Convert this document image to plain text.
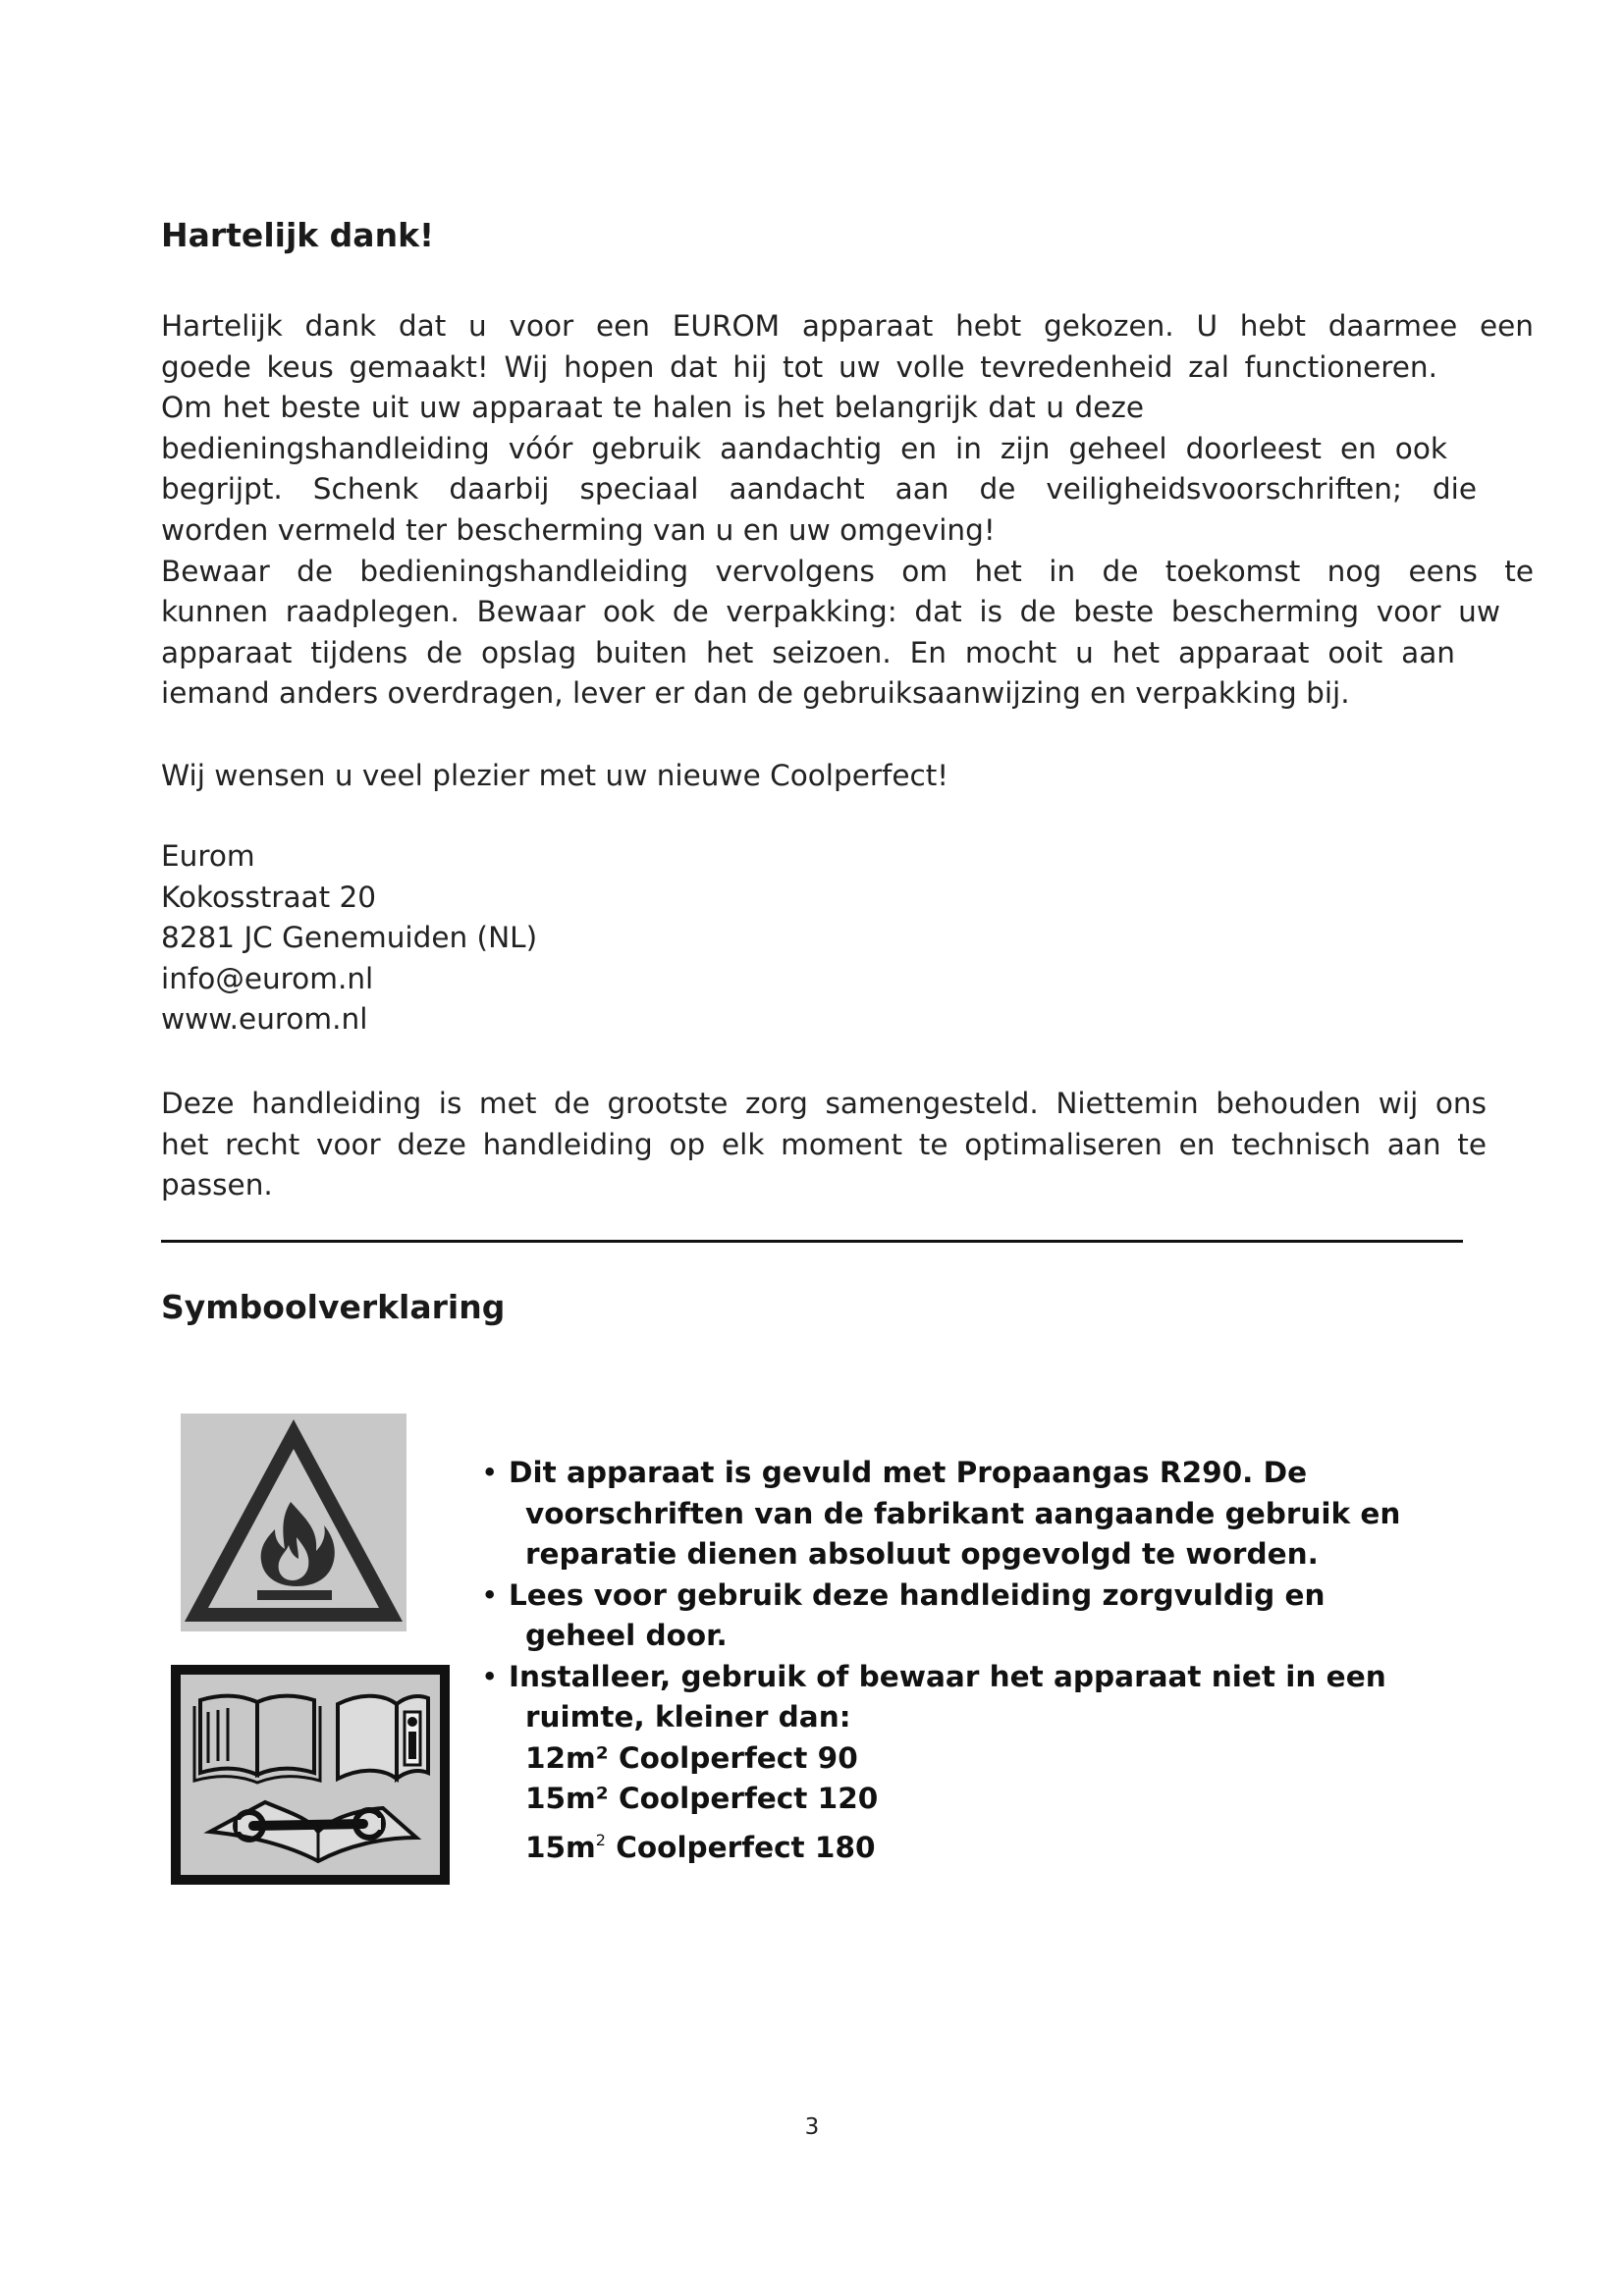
Hartelijk dank!

Hartelijk dank dat u voor een EUROM apparaat hebt gekozen. U hebt daarmee een

goede keus gemaakt! Wij hopen dat hij tot uw volle tevredenheid zal functioneren.

Om het beste uit uw apparaat te halen is het belangrijk dat u deze

bedieningshandleiding vóór gebruik aandachtig en in zijn geheel doorleest en ook

begrijpt. Schenk daarbij speciaal aandacht aan de veiligheidsvoorschriften; die

worden vermeld ter bescherming van u en uw omgeving!

Bewaar de bedieningshandleiding vervolgens om het in de toekomst nog eens te

kunnen raadplegen. Bewaar ook de verpakking: dat is de beste bescherming voor uw

apparaat tijdens de opslag buiten het seizoen. En mocht u het apparaat ooit aan

iemand anders overdragen, lever er dan de gebruiksaanwijzing en verpakking bij.

Wij wensen u veel plezier met uw nieuwe Coolperfect!

Eurom

Kokosstraat 20

8281 JC Genemuiden (NL)

info@eurom.nl

www.eurom.nl

Deze handleiding is met de grootste zorg samengesteld. Niettemin behouden wij ons

het recht voor deze handleiding op elk moment te optimaliseren en technisch aan te

passen.

Symboolverklaring
• Dit apparaat is gevuld met Propaangas R290. De
voorschriften van de fabrikant aangaande gebruik en
reparatie dienen absoluut opgevolgd te worden.
• Lees voor gebruik deze handleiding zorgvuldig en
geheel door.
• Installeer, gebruik of bewaar het apparaat niet in een
ruimte, kleiner dan:
12m² Coolperfect 90
15m² Coolperfect 120
$15m^2$ Coolperfect 180
3
